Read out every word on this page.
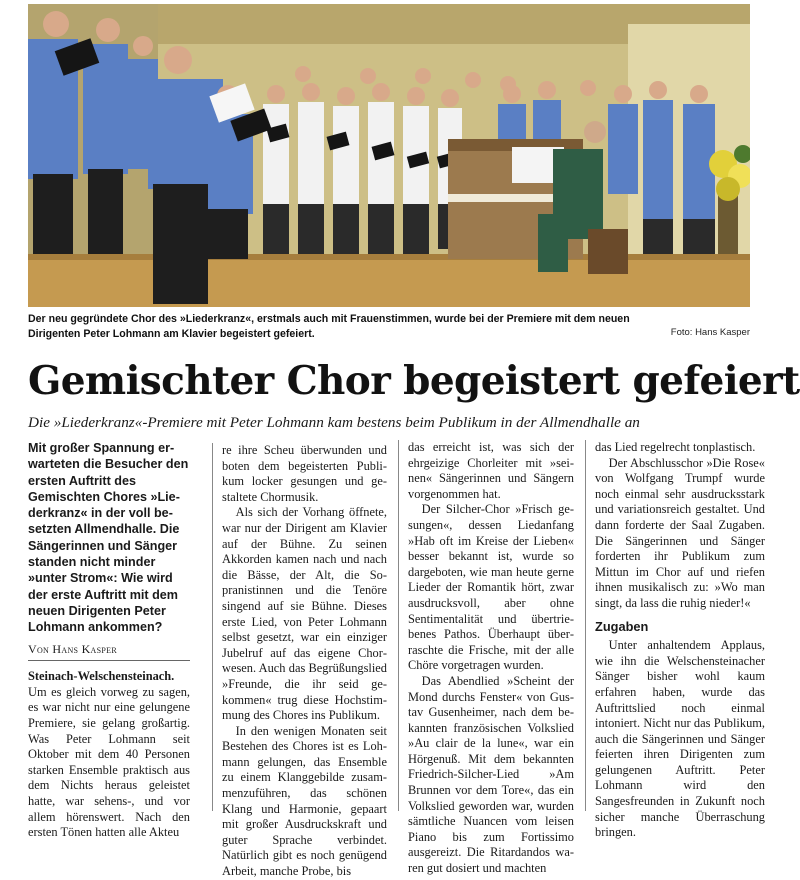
Der neu gegründete Chor des »Liederkranz«, erstmals auch mit Frauenstimmen, wurde bei der Premiere mit dem neuen Dirigenten Peter Lohmann am Klavier begeistert gefeiert.	Foto: Hans Kasper
Gemischter Chor begeistert gefeiert
Die »Liederkranz«-Premiere mit Peter Lohmann kam bestens beim Publikum in der Allmendhalle an
Mit großer Spannung erwarteten die Besucher den ersten Auftritt des Gemischten Chores »Liederkranz« in der voll besetzten Allmendhalle. Die Sängerinnen und Sänger standen nicht minder »unter Strom«: Wie wird der erste Auftritt mit dem neuen Dirigenten Peter Lohmann ankommen?
Von Hans Kasper

Steinach-Welschensteinach. Um es gleich vorweg zu sagen, es war nicht nur eine gelungene Premiere, sie gelang großartig. Was Peter Lohmann seit Oktober mit dem 40 Personen starken Ensemble praktisch aus dem Nichts heraus geleistet hatte, war sehens-, und vor allem hörenswert. Nach den ersten Tönen hatten alle Akteu

re ihre Scheu überwunden und boten dem begeisterten Publikum locker gesungen und gestaltete Chormusik.

Als sich der Vorhang öffnete, war nur der Dirigent am Klavier auf der Bühne. Zu seinen Akkorden kamen nach und nach die Bässe, der Alt, die Sopranistinnen und die Tenöre singend auf sie Bühne. Dieses erste Lied, von Peter Lohmann selbst gesetzt, war ein einziger Jubelruf auf das eigene Chorwesen. Auch das Begrüßungslied »Freunde, die ihr seid gekommen« trug diese Hochstimmung des Chores ins Publikum.

In den wenigen Monaten seit Bestehen des Chores ist es Lohmann gelungen, das Ensemble zu einem Klanggebilde zusammenzuführen, das schönen Klang und Harmonie, gepaart mit großer Ausdruckskraft und guter Sprache verbindet. Natürlich gibt es noch genügend Arbeit, manche Probe, bis

das erreicht ist, was sich der ehrgeizige Chorleiter mit »seinen« Sängerinnen und Sängern vorgenommen hat.

Der Silcher-Chor »Frisch gesungen«, dessen Liedanfang »Hab oft im Kreise der Lieben« besser bekannt ist, wurde so dargeboten, wie man heute gerne Lieder der Romantik hört, zwar ausdrucksvoll, aber ohne Sentimentalität und übertriebenes Pathos. Überhaupt überraschte die Frische, mit der alle Chöre vorgetragen wurden.

Das Abendlied »Scheint der Mond durchs Fenster« von Gustav Gusenheimer, nach dem bekannten französischen Volkslied »Au clair de la lune«, war ein Hörgenuß. Mit dem bekannten Friedrich-Silcher-Lied »Am Brunnen vor dem Tore«, das ein Volkslied geworden war, wurden sämtliche Nuancen vom leisen Piano bis zum Fortissimo ausgereizt. Die Ritardandos waren gut dosiert und machten

das Lied regelrecht tonplastisch.

Der Abschlusschor »Die Rose« von Wolfgang Trumpf wurde noch einmal sehr ausdrucksstark und variationsreich gestaltet. Und dann forderte der Saal Zugaben. Die Sängerinnen und Sänger forderten ihr Publikum zum Mittun im Chor auf und riefen ihnen musikalisch zu: »Wo man singt, da lass die ruhig nieder!«

Zugaben

Unter anhaltendem Applaus, wie ihn die Welschensteinacher Sänger bisher wohl kaum erfahren haben, wurde das Auftrittslied noch einmal intoniert. Nicht nur das Publikum, auch die Sängerinnen und Sänger feierten ihren Dirigenten zum gelungenen Auftritt. Peter Lohmann wird den Sangesfreunden in Zukunft noch sicher manche Überraschung bringen.
